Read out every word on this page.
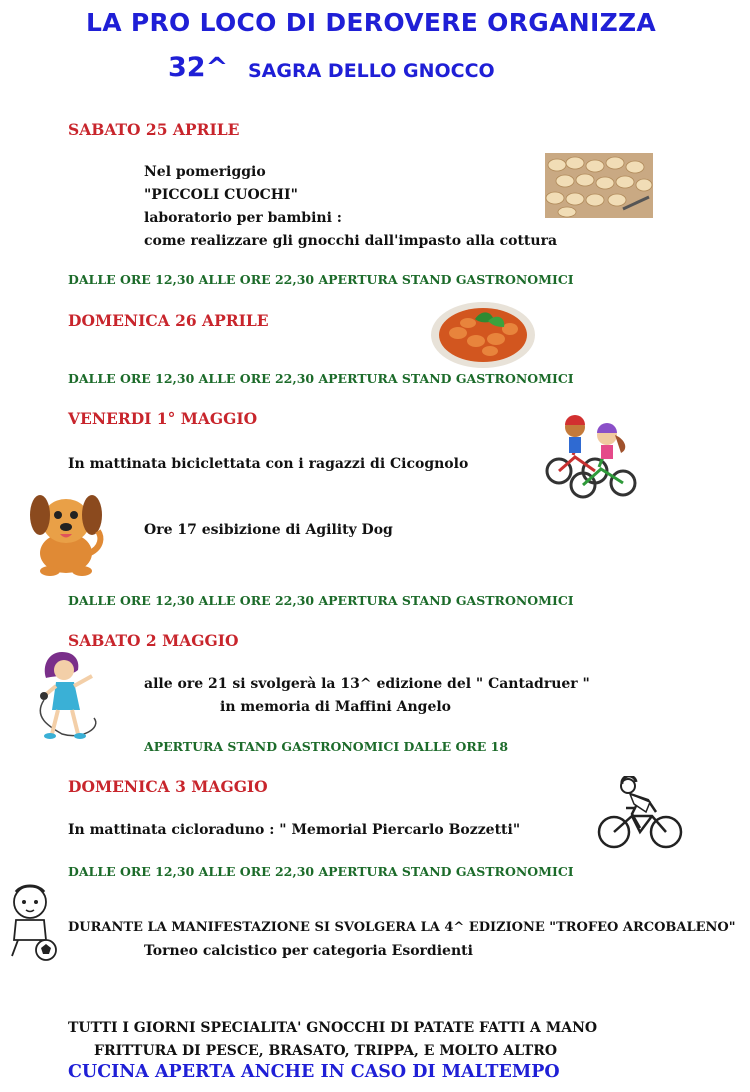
LA PRO LOCO DI DEROVERE ORGANIZZA
32^ SAGRA DELLO GNOCCO
SABATO 25 APRILE
Nel pomeriggio
"PICCOLI CUOCHI"
laboratorio per bambini :
come realizzare gli gnocchi dall'impasto alla cottura
DALLE ORE 12,30 ALLE ORE 22,30 APERTURA STAND GASTRONOMICI
DOMENICA 26 APRILE
DALLE ORE 12,30 ALLE ORE 22,30 APERTURA STAND GASTRONOMICI
VENERDI 1° MAGGIO
In mattinata biciclettata con i ragazzi di Cicognolo
Ore 17 esibizione di Agility Dog
DALLE ORE 12,30 ALLE ORE 22,30 APERTURA STAND GASTRONOMICI
SABATO 2 MAGGIO
alle ore 21 si svolgerà la 13^ edizione del " Cantadruer "
in memoria di Maffini Angelo
APERTURA STAND GASTRONOMICI DALLE ORE 18
DOMENICA 3 MAGGIO
In mattinata cicloraduno : " Memorial Piercarlo Bozzetti"
DALLE ORE 12,30 ALLE ORE 22,30 APERTURA STAND GASTRONOMICI
DURANTE LA MANIFESTAZIONE SI SVOLGERA LA 4^ EDIZIONE "TROFEO ARCOBALENO"
Torneo calcistico per categoria Esordienti
TUTTI I GIORNI SPECIALITA' GNOCCHI DI PATATE FATTI A MANO
FRITTURA DI PESCE, BRASATO, TRIPPA, E MOLTO ALTRO
CUCINA APERTA ANCHE IN CASO DI MALTEMPO
